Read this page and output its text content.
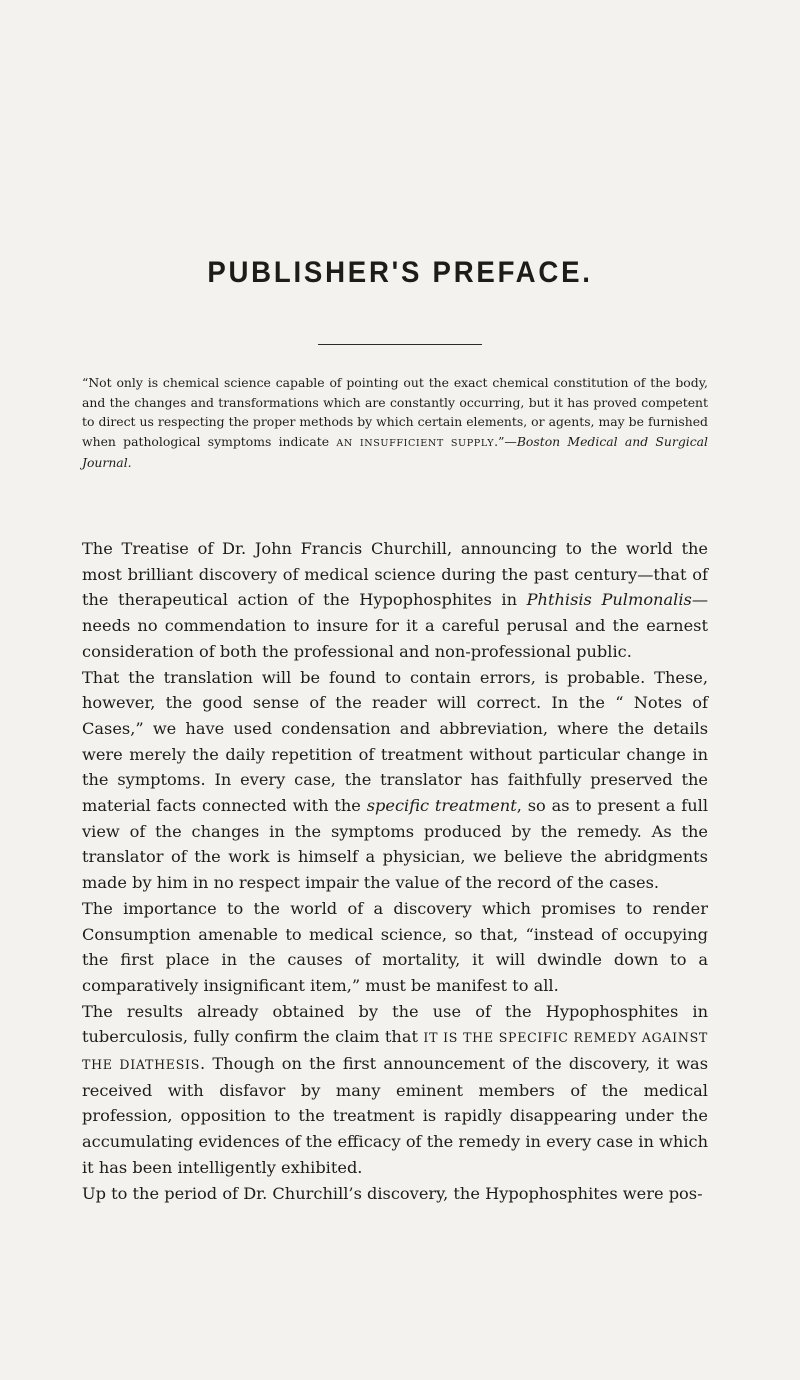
PUBLISHER'S PREFACE.
“Not only is chemical science capable of pointing out the exact chemical constitution of the body, and the changes and transformations which are constantly occurring, but it has proved competent to direct us respecting the proper methods by which certain elements, or agents, may be furnished when pathological symptoms indicate AN INSUFFICIENT SUPPLY.”—Boston Medical and Surgical Journal.

The Treatise of Dr. John Francis Churchill, announcing to the world the most brilliant discovery of medical science during the past century—that of the therapeutical action of the Hypophosphites in Phthisis Pulmonalis—needs no commendation to insure for it a careful perusal and the earnest consideration of both the professional and non-professional public.

That the translation will be found to contain errors, is probable. These, however, the good sense of the reader will correct. In the “ Notes of Cases,” we have used condensation and abbreviation, where the details were merely the daily repetition of treatment without particular change in the symptoms. In every case, the translator has faithfully preserved the material facts connected with the specific treatment, so as to present a full view of the changes in the symptoms produced by the remedy. As the translator of the work is himself a physician, we believe the abridgments made by him in no respect impair the value of the record of the cases.

The importance to the world of a discovery which promises to render Consumption amenable to medical science, so that, “instead of occupying the first place in the causes of mortality, it will dwindle down to a comparatively insignificant item,” must be manifest to all.

The results already obtained by the use of the Hypophosphites in tuberculosis, fully confirm the claim that IT IS THE SPECIFIC REMEDY AGAINST THE DIATHESIS. Though on the first announcement of the discovery, it was received with disfavor by many eminent members of the medical profession, opposition to the treatment is rapidly disappearing under the accumulating evidences of the efficacy of the remedy in every case in which it has been intelligently exhibited.

Up to the period of Dr. Churchill’s discovery, the Hypophosphites were pos-
